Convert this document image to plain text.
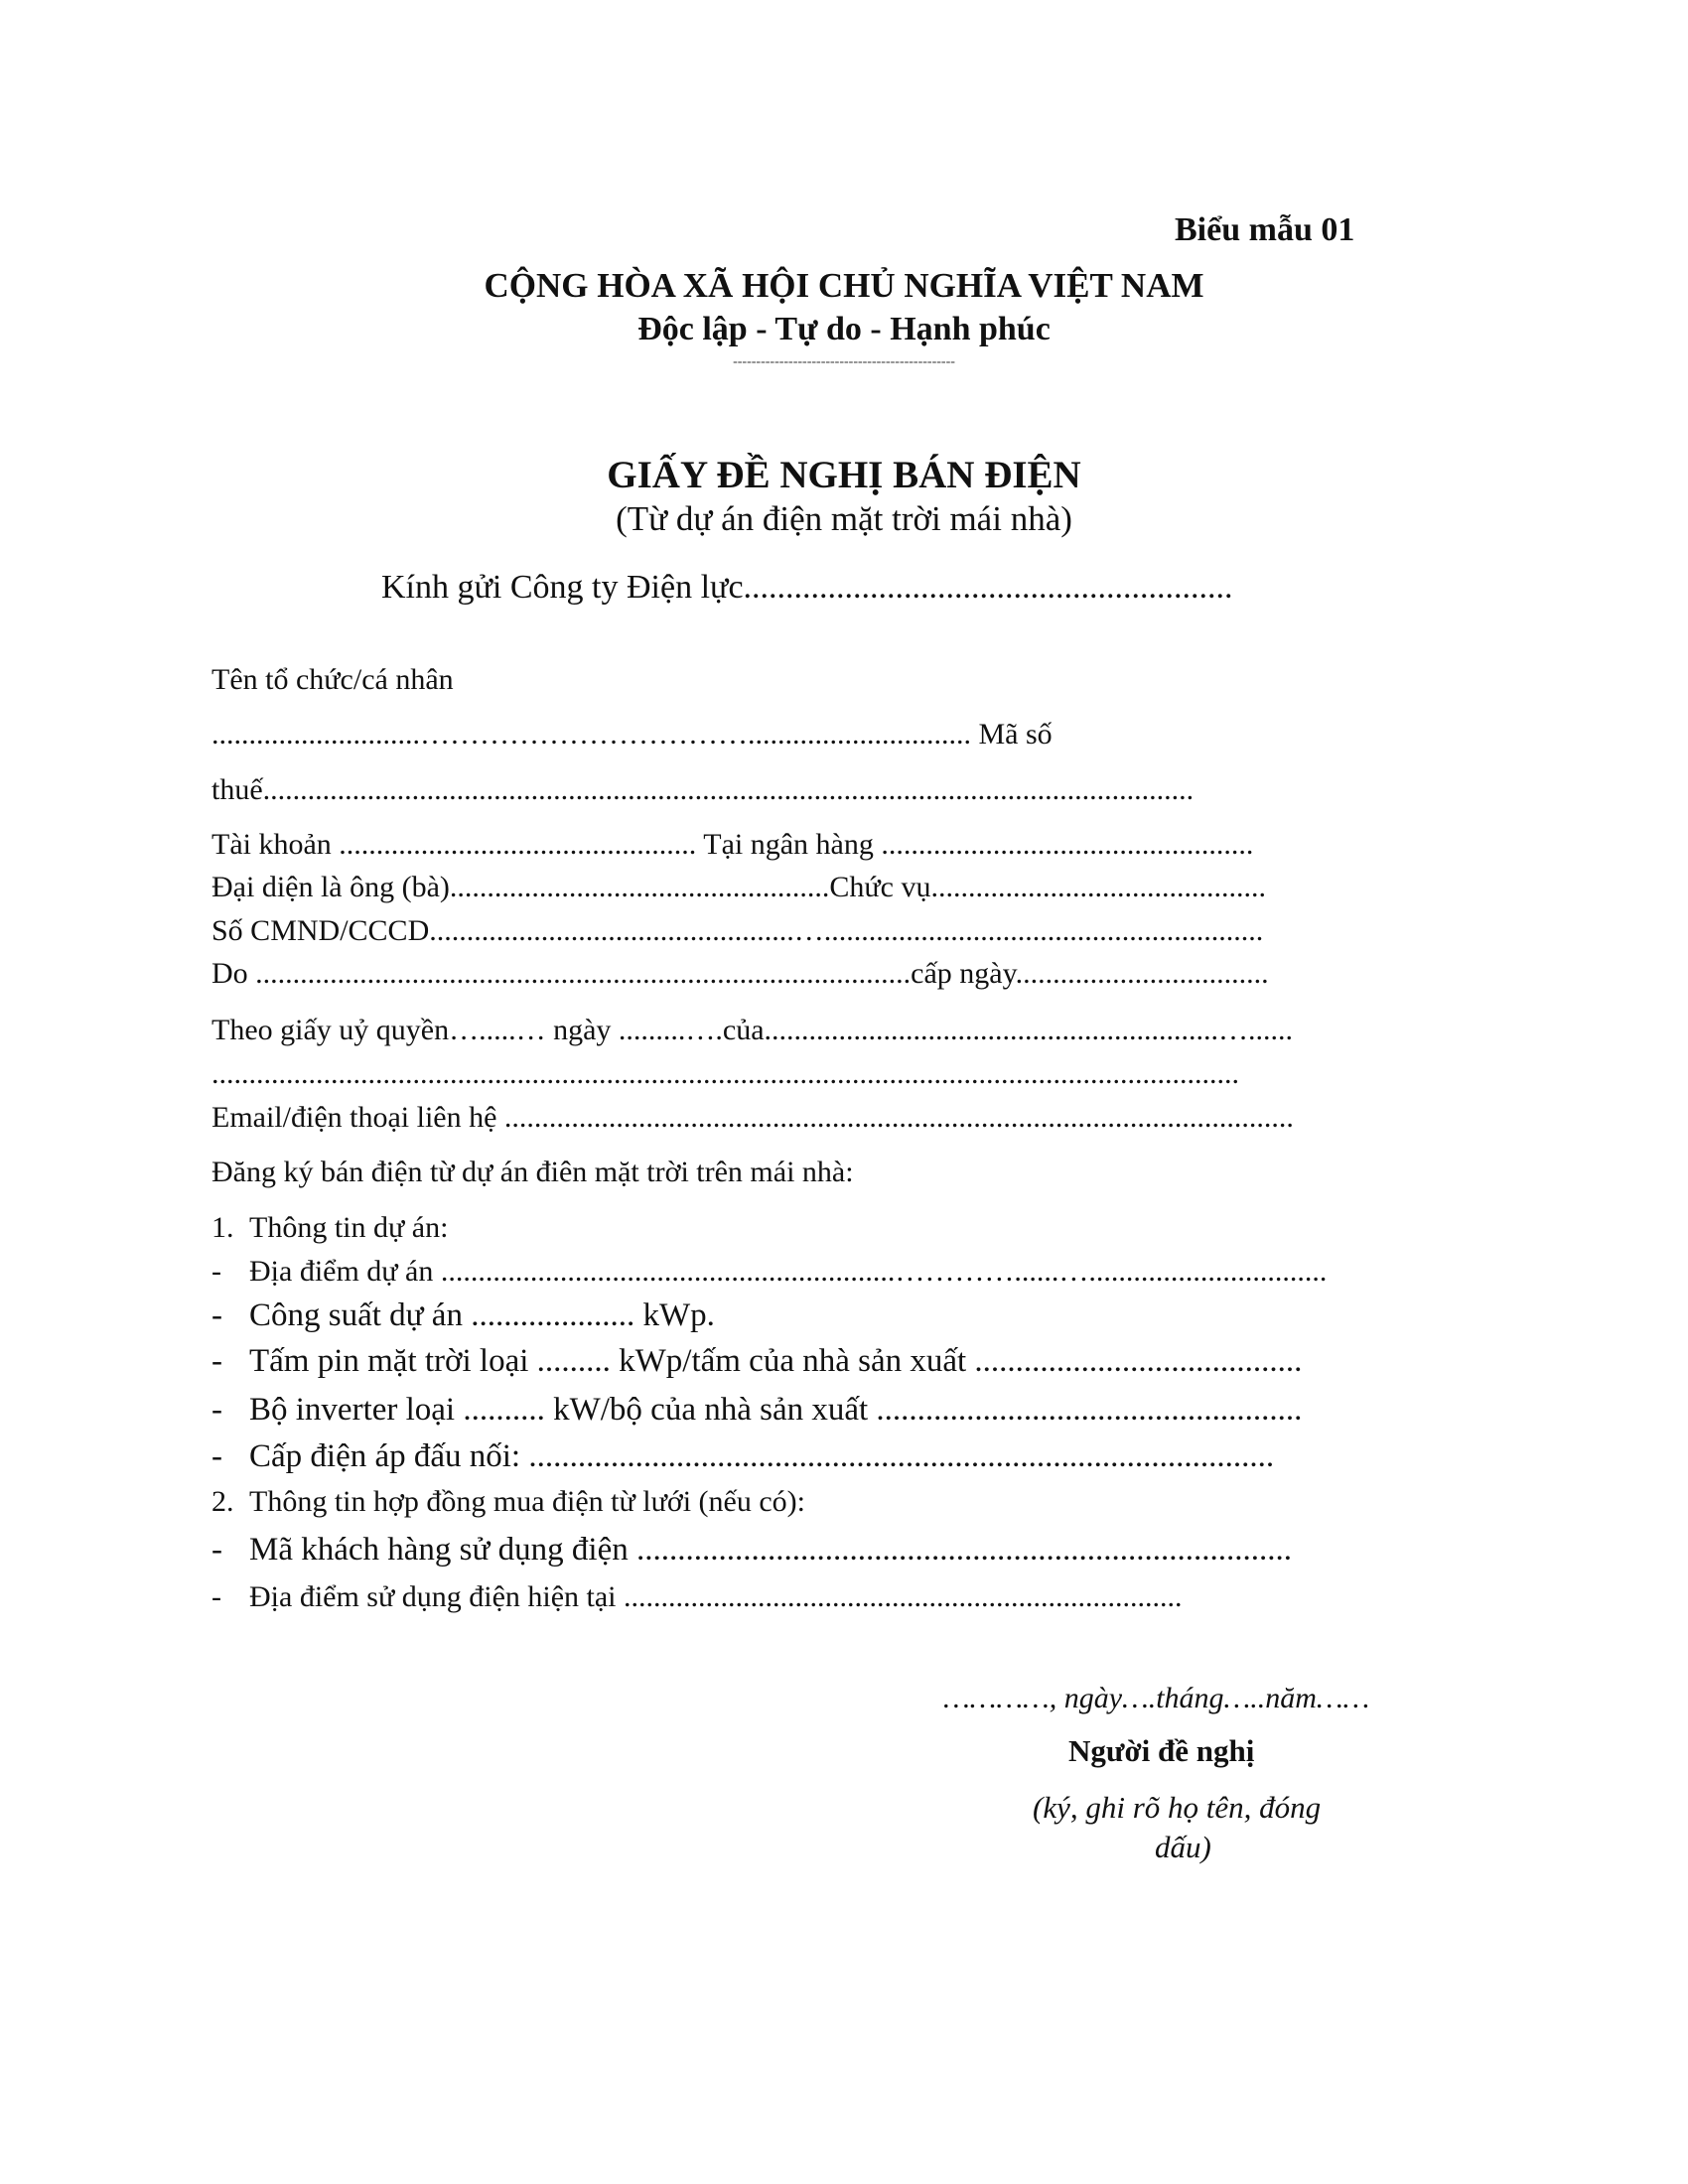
Biểu mẫu 01
CỘNG HÒA XÃ HỘI CHỦ NGHĨA VIỆT NAM
Độc lập - Tự do - Hạnh phúc
------------------------------------------------
GIẤY ĐỀ NGHỊ BÁN ĐIỆN
(Từ dự án điện mặt trời mái nhà)
Kính gửi Công ty Điện lực..........................................................
Tên tổ chức/cá nhân
............................…………………………….............................. Mã số
thuế.............................................................................................................................
Tài khoản ................................................ Tại ngân hàng ..................................................
Đại diện là ông (bà)...................................................Chức vụ.............................................
Số CMND/CCCD.................................................…...........................................................
Do ........................................................................................cấp ngày..................................
Theo giấy uỷ quyền….....… ngày .........….của.............................................................…......
..........................................................................................................................................
Email/điện thoại liên hệ ..........................................................................................................
Đăng ký bán điện từ dự án điên mặt trời trên mái nhà:
1. Thông tin dự án:
- Địa điểm dự án .............................................................…………......…................................
- Công suất dự án .................... kWp.
- Tấm pin mặt trời loại ......... kWp/tấm của nhà sản xuất ........................................
- Bộ inverter loại .......... kW/bộ của nhà sản xuất ....................................................
- Cấp điện áp đấu nối: ...........................................................................................
2. Thông tin hợp đồng mua điện từ lưới (nếu có):
- Mã khách hàng sử dụng điện ................................................................................
- Địa điểm sử dụng điện hiện tại ...........................................................................
…………, ngày….tháng…..năm……
Người đề nghị
(ký, ghi rõ họ tên, đóng
dấu)
